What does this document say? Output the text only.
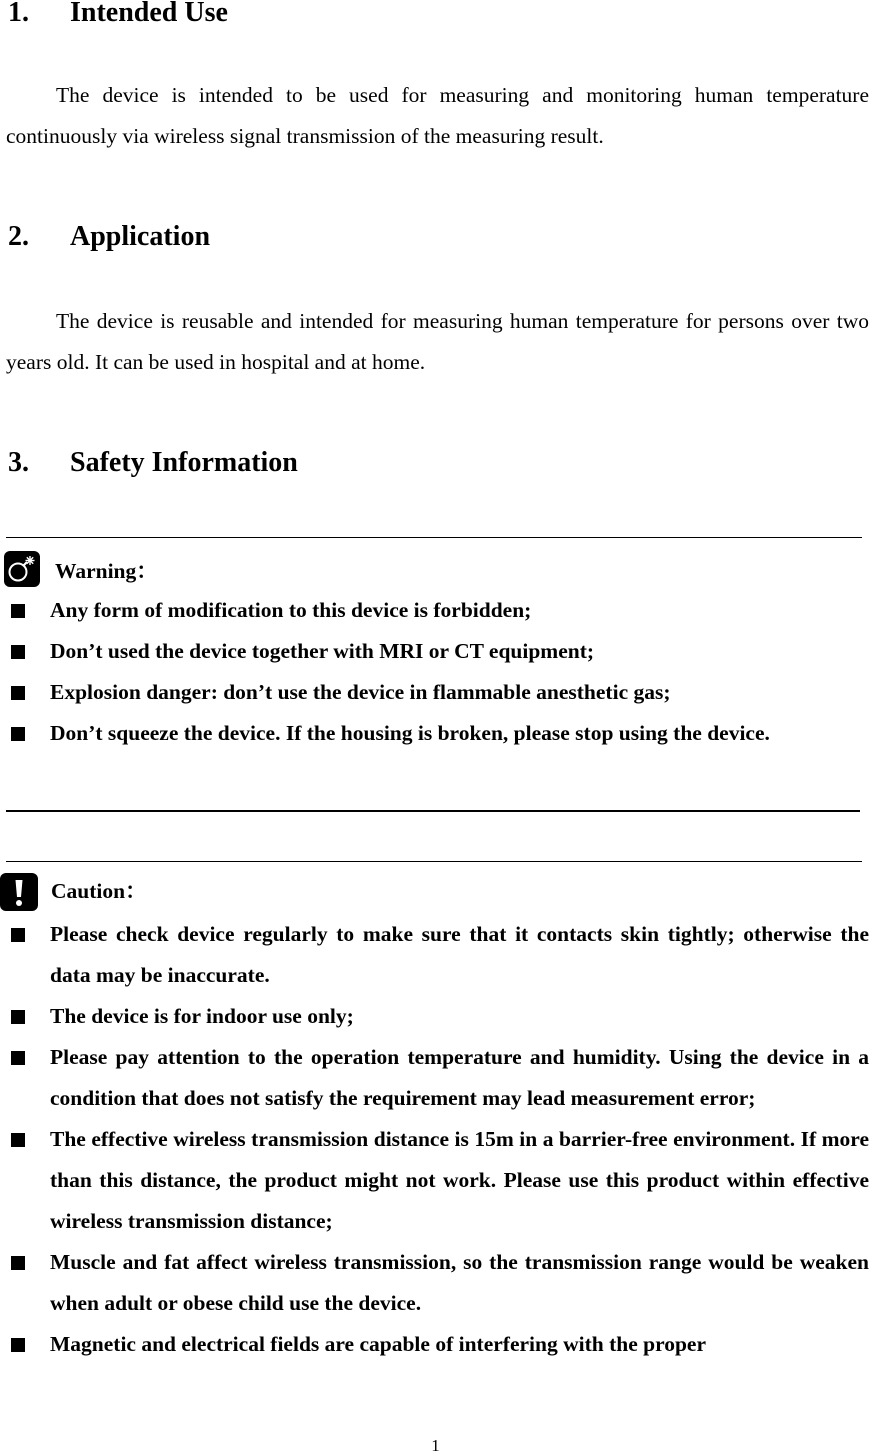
1. Intended Use

The device is intended to be used for measuring and monitoring human temperature continuously via wireless signal transmission of the measuring result.

2. Application

The device is reusable and intended for measuring human temperature for persons over two years old. It can be used in hospital and at home.

3. Safety Information
Warning：
Any form of modification to this device is forbidden;
Don’t used the device together with MRI or CT equipment;
Explosion danger: don’t use the device in flammable anesthetic gas;
Don’t squeeze the device. If the housing is broken, please stop using the device.
Caution：
Please check device regularly to make sure that it contacts skin tightly; otherwise the data may be inaccurate.
The device is for indoor use only;
Please pay attention to the operation temperature and humidity. Using the device in a condition that does not satisfy the requirement may lead measurement error;
The effective wireless transmission distance is 15m in a barrier-free environment. If more than this distance, the product might not work. Please use this product within effective wireless transmission distance;
Muscle and fat affect wireless transmission, so the transmission range would be weaken when adult or obese child use the device.
Magnetic and electrical fields are capable of interfering with the proper
1
